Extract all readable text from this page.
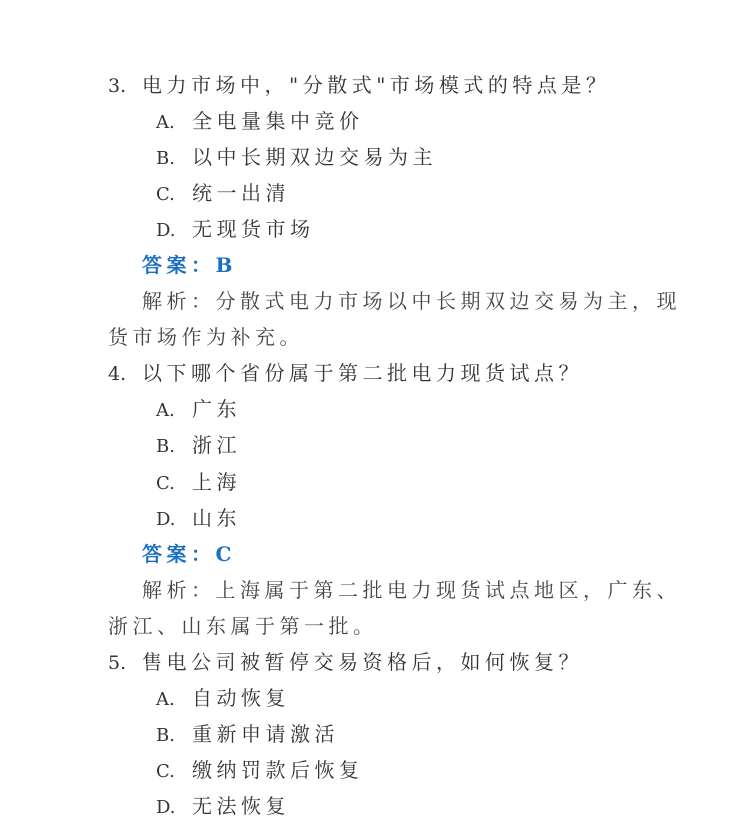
3. 电力市场中，"分散式"市场模式的特点是？
A. 全电量集中竞价
B. 以中长期双边交易为主
C. 统一出清
D. 无现货市场
答案：B
解析：分散式电力市场以中长期双边交易为主，现
货市场作为补充。
4. 以下哪个省份属于第二批电力现货试点？
A. 广东
B. 浙江
C. 上海
D. 山东
答案：C
解析：上海属于第二批电力现货试点地区，广东、
浙江、山东属于第一批。
5. 售电公司被暂停交易资格后，如何恢复？
A. 自动恢复
B. 重新申请激活
C. 缴纳罚款后恢复
D. 无法恢复
